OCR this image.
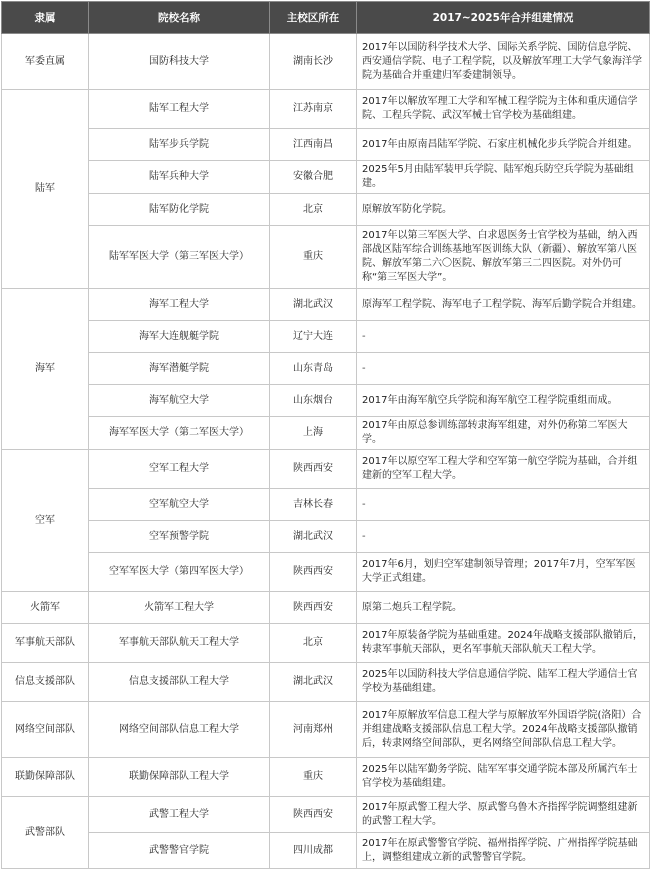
隶属	院校名称	主校区所在	2017~2025年合并组建情况
军委直属	国防科技大学	湖南长沙	2017年以国防科学技术大学、国际关系学院、国防信息学院、西安通信学院、电子工程学院，以及解放军理工大学气象海洋学院为基础合并重建归军委建制领导。
陆军	陆军工程大学	江苏南京	2017年以解放军理工大学和军械工程学院为主体和重庆通信学院、工程兵学院、武汉军械士官学校为基础组建。
	陆军步兵学院	江西南昌	2017年由原南昌陆军学院、石家庄机械化步兵学院合并组建。
	陆军兵种大学	安徽合肥	2025年5月由陆军装甲兵学院、陆军炮兵防空兵学院为基础组建。
	陆军防化学院	北京	原解放军防化学院。
	陆军军医大学（第三军医大学）	重庆	2017年以第三军医大学、白求恩医务士官学校为基础，纳入西部战区陆军综合训练基地军医训练大队（新疆）、解放军第八医院、解放军第二六〇医院、解放军第三二四医院。对外仍可称“第三军医大学”。
海军	海军工程大学	湖北武汉	原海军工程学院、海军电子工程学院、海军后勤学院合并组建。
	海军大连舰艇学院	辽宁大连	-
	海军潜艇学院	山东青岛	-
	海军航空大学	山东烟台	2017年由海军航空兵学院和海军航空工程学院重组而成。
	海军军医大学（第二军医大学）	上海	2017年由原总参训练部转隶海军组建，对外仍称第二军医大学。
空军	空军工程大学	陕西西安	2017年以原空军工程大学和空军第一航空学院为基础，合并组建新的空军工程大学。
	空军航空大学	吉林长春	-
	空军预警学院	湖北武汉	-
	空军军医大学（第四军医大学）	陕西西安	2017年6月，划归空军建制领导管理；2017年7月，空军军医大学正式组建。
火箭军	火箭军工程大学	陕西西安	原第二炮兵工程学院。
军事航天部队	军事航天部队航天工程大学	北京	2017年原装备学院为基础重建。2024年战略支援部队撤销后，转隶军事航天部队，更名军事航天部队航天工程大学。
信息支援部队	信息支援部队工程大学	湖北武汉	2025年以国防科技大学信息通信学院、陆军工程大学通信士官学校为基础组建。
网络空间部队	网络空间部队信息工程大学	河南郑州	2017年原解放军信息工程大学与原解放军外国语学院(洛阳）合并组建战略支援部队信息工程大学。2024年战略支援部队撤销后，转隶网络空间部队，更名网络空间部队信息工程大学。
联勤保障部队	联勤保障部队工程大学	重庆	2025年以陆军勤务学院、陆军军事交通学院本部及所属汽车士官学校为基础组建。
武警部队	武警工程大学	陕西西安	2017年原武警工程大学、原武警乌鲁木齐指挥学院调整组建新的武警工程大学。
	武警警官学院	四川成都	2017年在原武警警官学院、福州指挥学院、广州指挥学院基础上，调整组建成立新的武警警官学院。
